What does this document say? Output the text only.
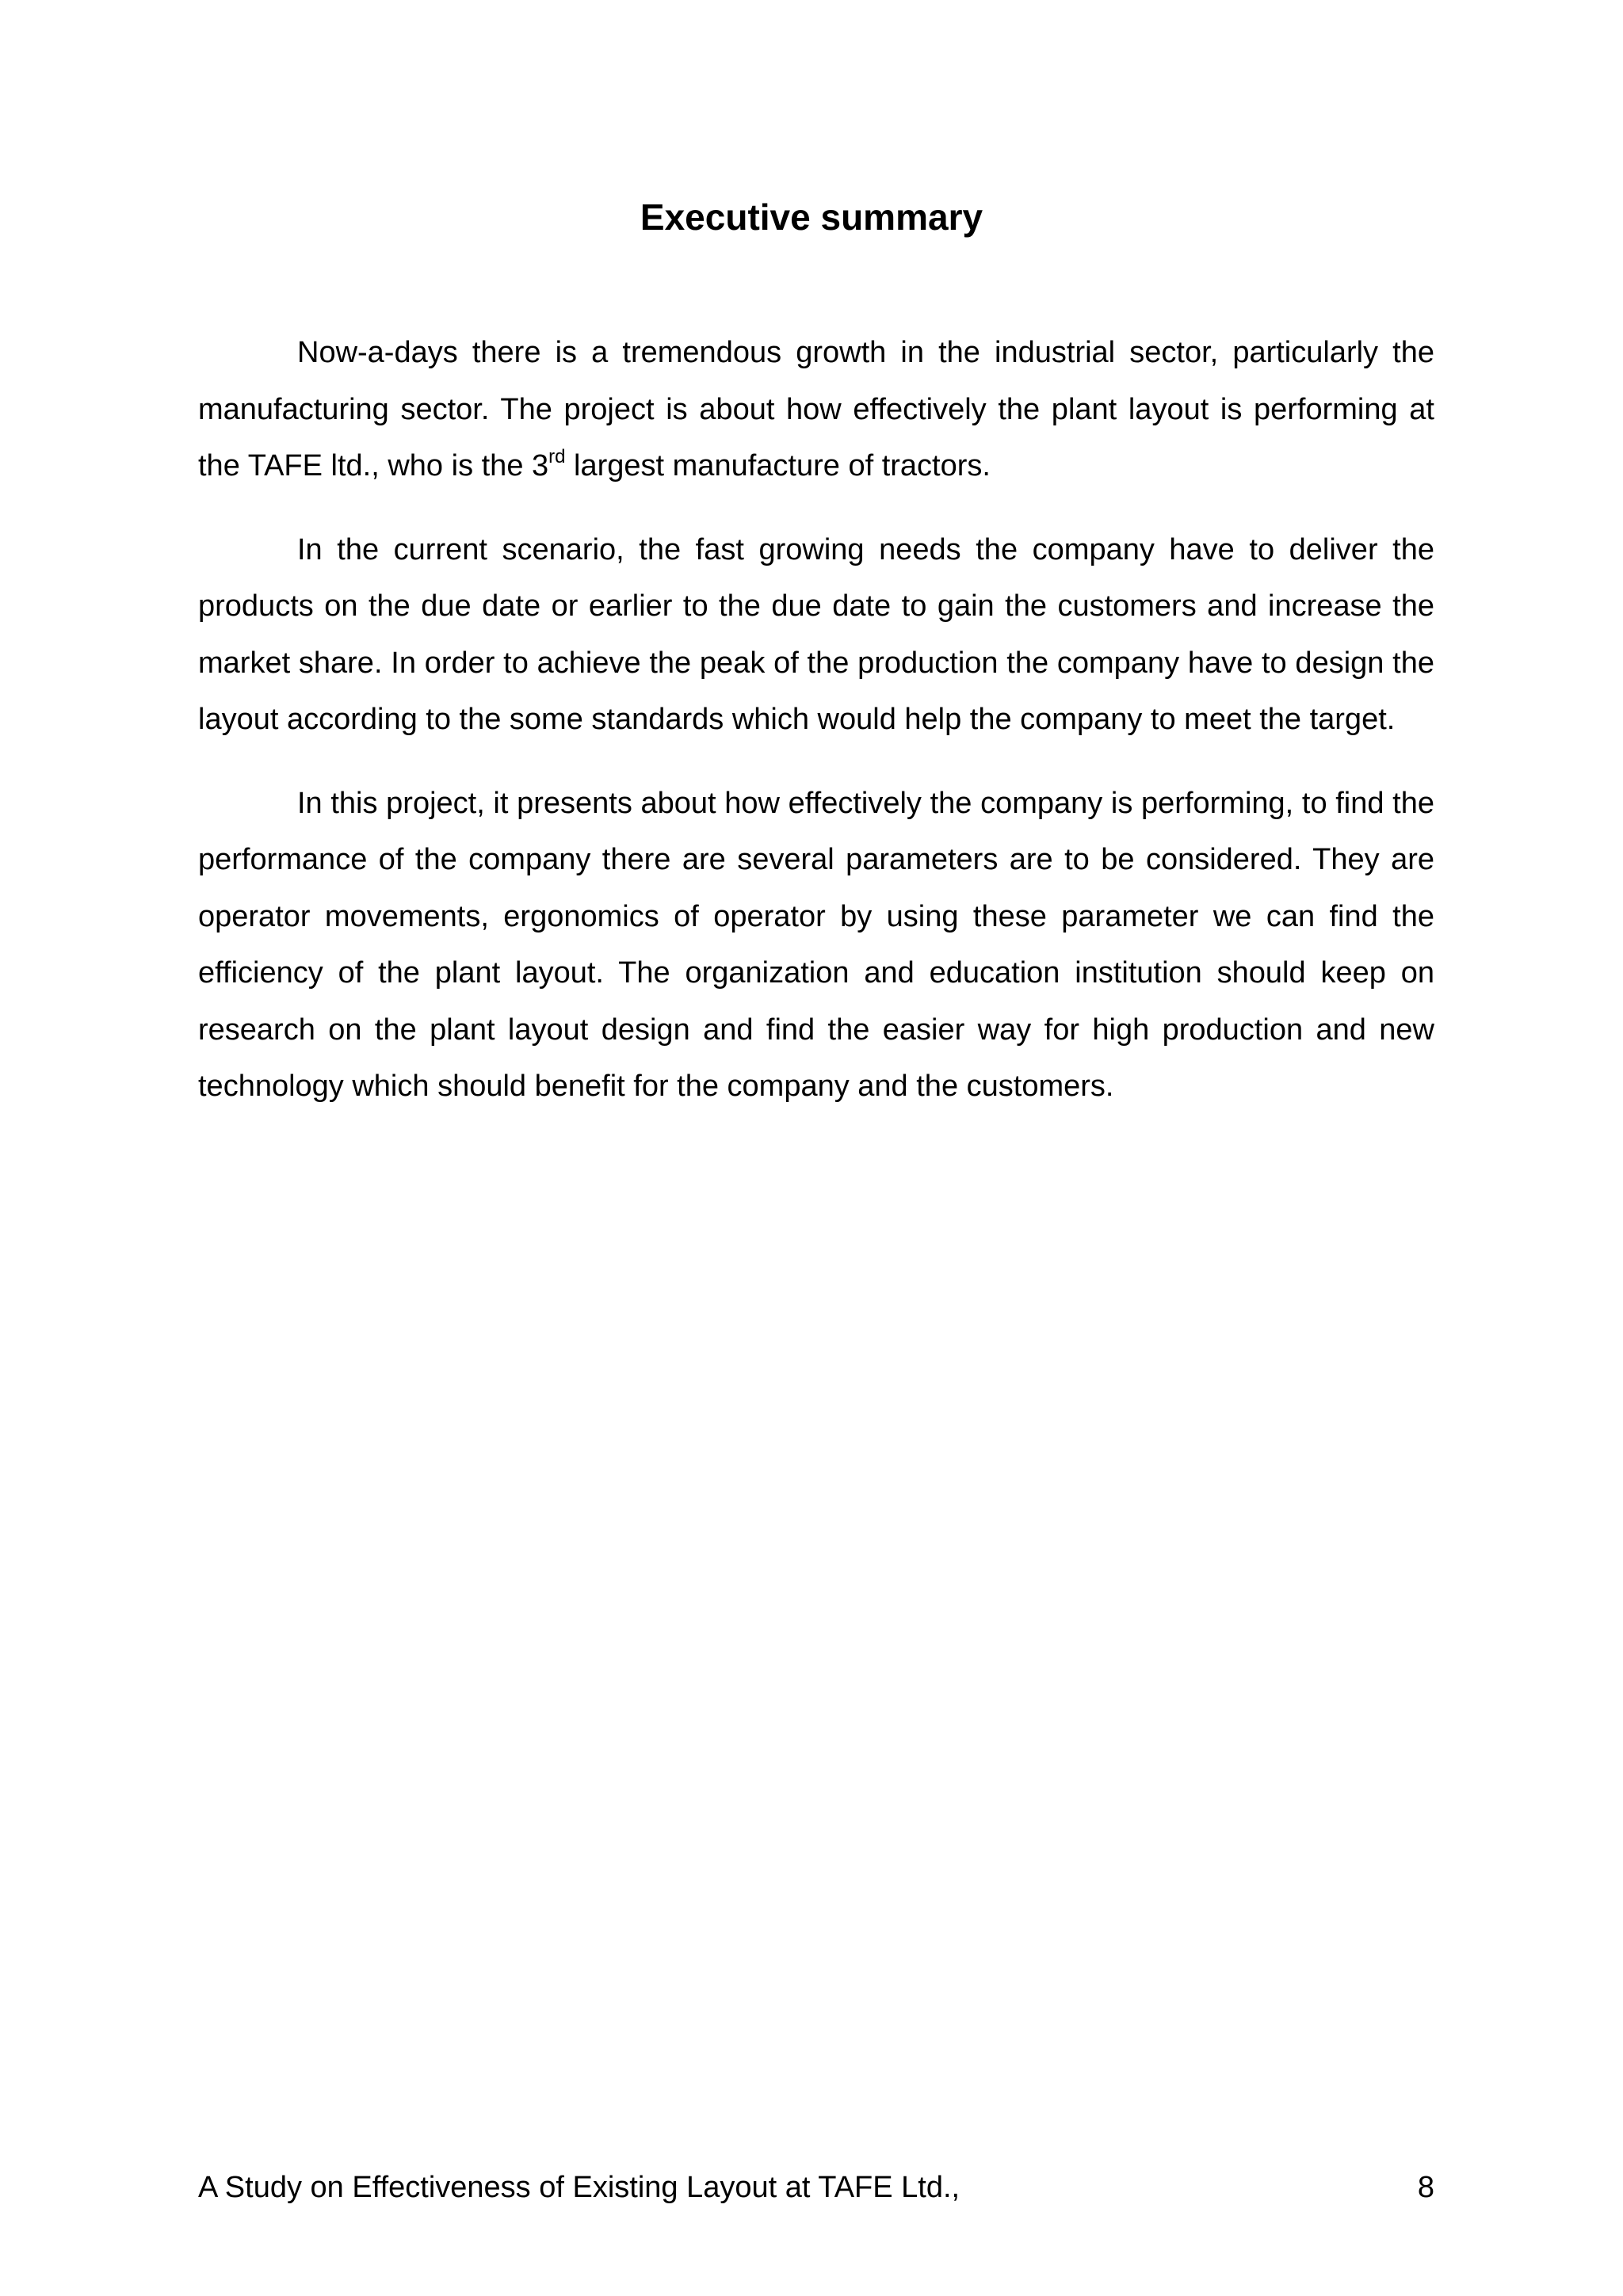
Executive summary

Now-a-days there is a tremendous growth in the industrial sector, particularly the manufacturing sector. The project is about how effectively the plant layout is performing at the TAFE ltd., who is the 3rd largest manufacture of tractors.

In the current scenario, the fast growing needs the company have to deliver the products on the due date or earlier to the due date to gain the customers and increase the market share. In order to achieve the peak of the production the company have to design the layout according to the some standards which would help the company to meet the target.

In this project, it presents about how effectively the company is performing, to find the performance of the company there are several parameters are to be considered. They are operator movements, ergonomics of operator by using these parameter we can find the efficiency of the plant layout. The organization and education institution should keep on research on the plant layout design and find the easier way for high production and new technology which should benefit for the company and the customers.

A Study on Effectiveness of Existing Layout at TAFE Ltd.,	8
